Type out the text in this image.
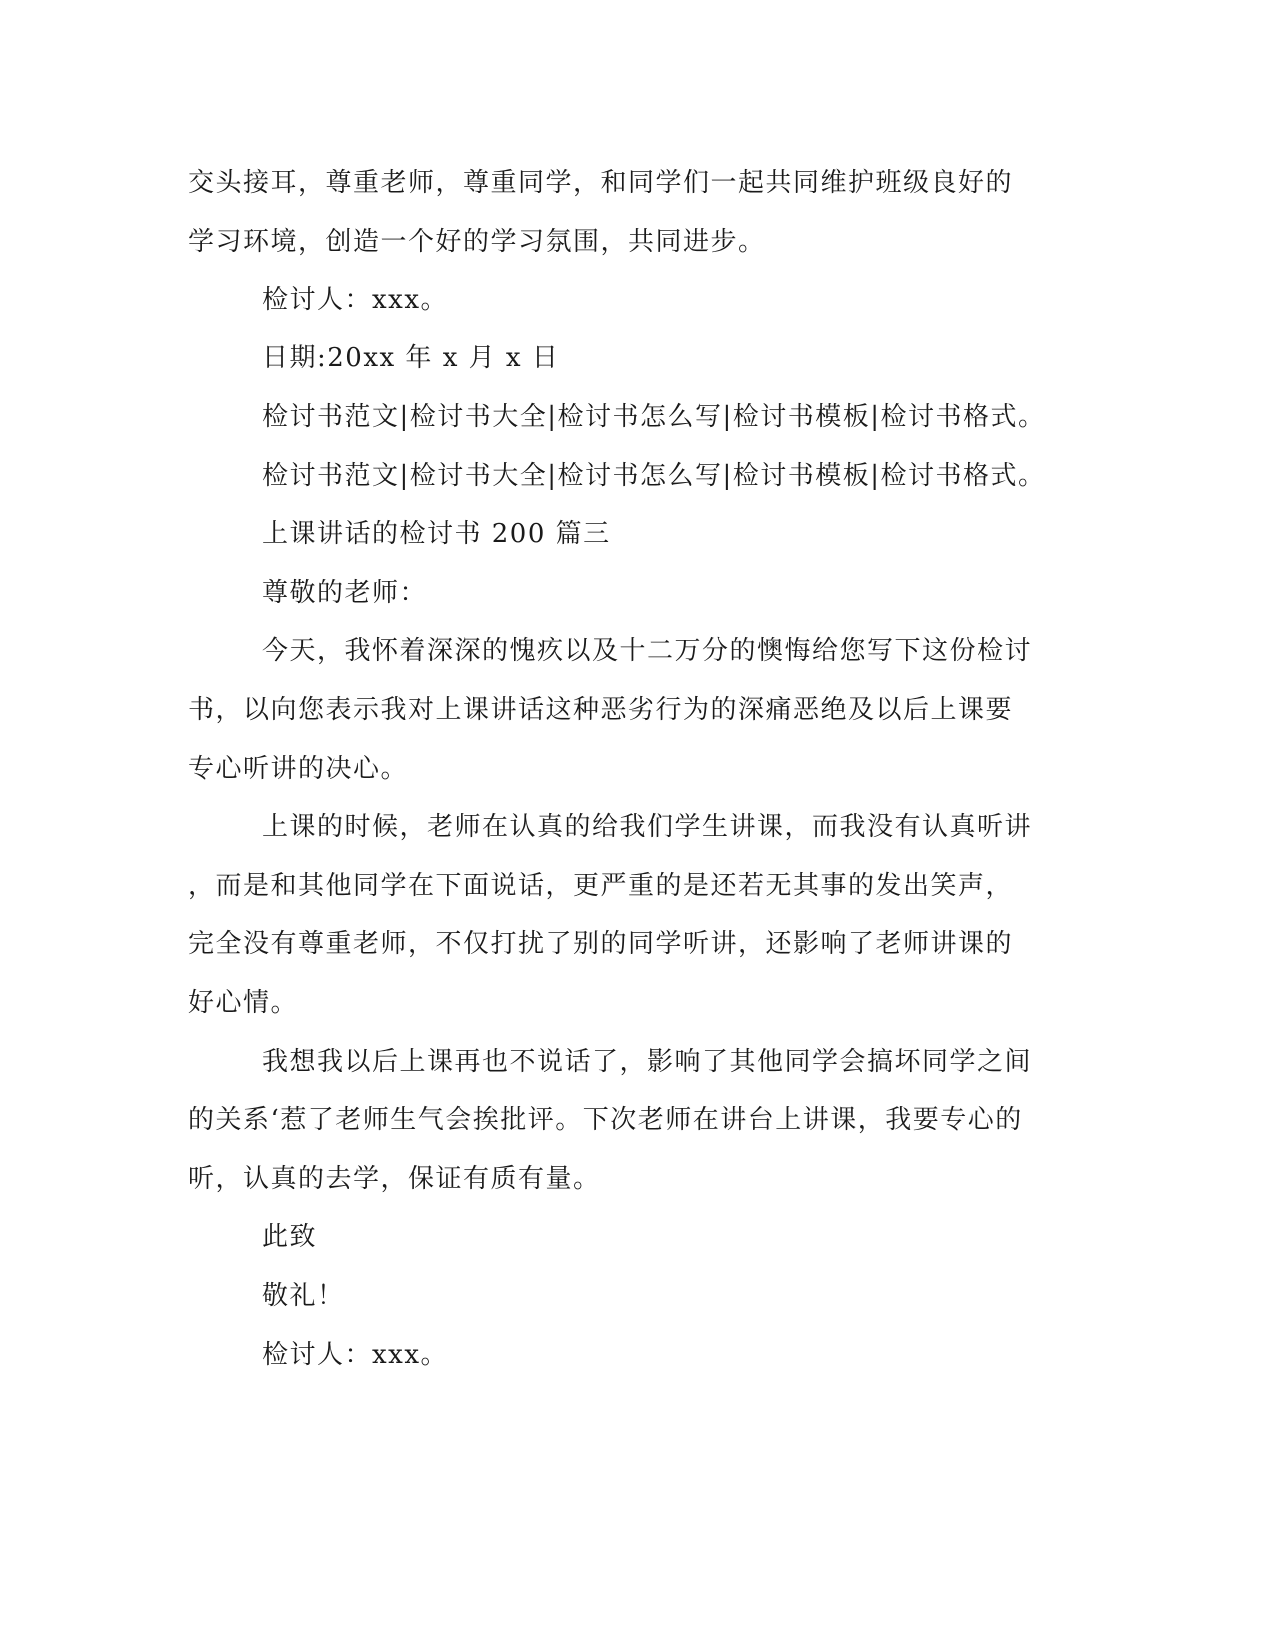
交头接耳，尊重老师，尊重同学，和同学们一起共同维护班级良好的
学习环境，创造一个好的学习氛围，共同进步。
检讨人：xxx。
日期:20xx 年 x 月 x 日
检讨书范文|检讨书大全|检讨书怎么写|检讨书模板|检讨书格式。
检讨书范文|检讨书大全|检讨书怎么写|检讨书模板|检讨书格式。
上课讲话的检讨书 200 篇三
尊敬的老师：
今天，我怀着深深的愧疚以及十二万分的懊悔给您写下这份检讨
书，以向您表示我对上课讲话这种恶劣行为的深痛恶绝及以后上课要
专心听讲的决心。
上课的时候，老师在认真的给我们学生讲课，而我没有认真听讲
，而是和其他同学在下面说话，更严重的是还若无其事的发出笑声，
完全没有尊重老师，不仅打扰了别的同学听讲，还影响了老师讲课的
好心情。
我想我以后上课再也不说话了，影响了其他同学会搞坏同学之间
的关系‘惹了老师生气会挨批评。下次老师在讲台上讲课，我要专心的
听，认真的去学，保证有质有量。
此致
敬礼！
检讨人：xxx。
